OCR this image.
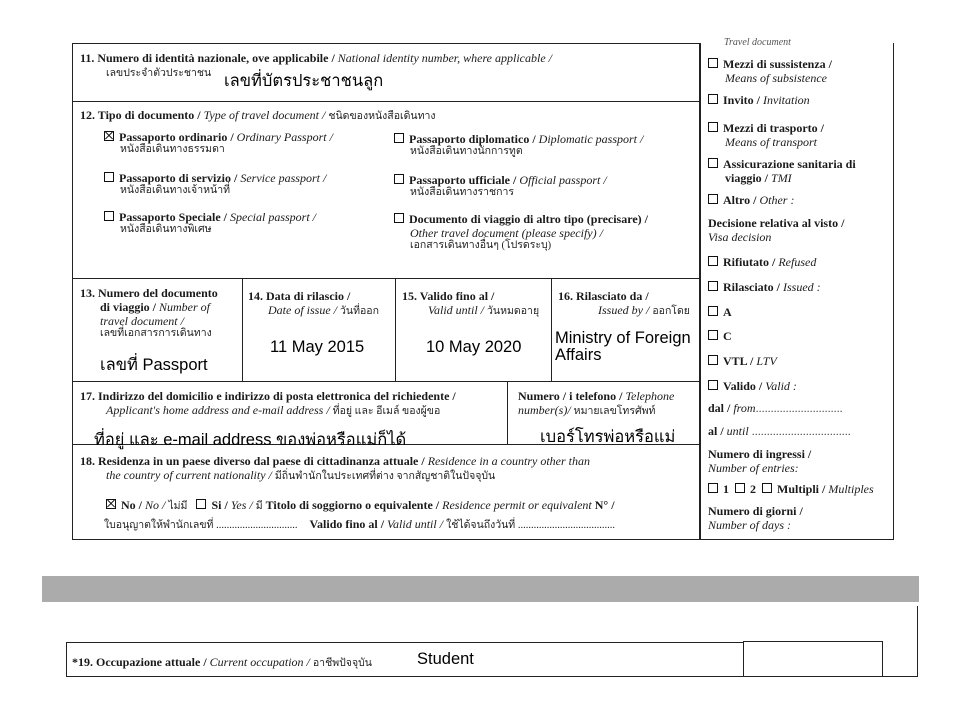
11. Numero di identità nazionale, ove applicabile / National identity number, where applicable /
เลขประจำตัวประชาชน เลขที่บัตรประชาชนลูก
12. Tipo di documento / Type of travel document / ชนิดของหนังสือเดินทาง
Passaporto ordinario / Ordinary Passport /
หนังสือเดินทางธรรมดา
Passaporto diplomatico / Diplomatic passport /
หนังสือเดินทางนักการทูต
Passaporto di servizio / Service passport /
หนังสือเดินทางเจ้าหน้าที่
Passaporto ufficiale / Official passport /
หนังสือเดินทางราชการ
Passaporto Speciale / Special passport /
หนังสือเดินทางพิเศษ
Documento di viaggio di altro tipo (precisare) /
Other travel document (please specify) /
เอกสารเดินทางอื่นๆ (โปรดระบุ)
13. Numero del documento
di viaggio / Number of
travel document /
เลขที่เอกสารการเดินทาง
เลขที่ Passport
14. Data di rilascio /
Date of issue / วันที่ออก
11 May 2015
15. Valido fino al /
Valid until / วันหมดอายุ
10 May 2020
16. Rilasciato da /
Issued by / ออกโดย
Ministry of Foreign
Affairs
17. Indirizzo del domicilio e indirizzo di posta elettronica del richiedente /
Applicant's home address and e-mail address / ที่อยู่ และ อีเมล์ ของผู้ขอ
ที่อยู่ และ e-mail address ของพ่อหรือแม่ก็ได้
Numero / i telefono / Telephone
number(s)/ หมายเลขโทรศัพท์
เบอร์โทรพ่อหรือแม่
18. Residenza in un paese diverso dal paese di cittadinanza attuale / Residence in a country other than
the country of current nationality / มีถิ่นพำนักในประเทศที่ต่าง จากสัญชาติในปัจจุบัน
No / No / ไม่มี Si / Yes / มี Titolo di soggiorno o equivalente / Residence permit or equivalent N° /
ใบอนุญาตให้พำนักเลขที่ ............................... Valido fino al / Valid until / ใช้ได้จนถึงวันที่ .....................................
Travel document
Mezzi di sussistenza /
Means of subsistence
Invito / Invitation
Mezzi di trasporto /
Means of transport
Assicurazione sanitaria di
viaggio / TMI
Altro / Other :
Decisione relativa al visto /
Visa decision
Rifiutato / Refused
Rilasciato / Issued :
A
C
VTL / LTV
Valido / Valid :
dal / from.............................
al / until .................................
Numero di ingressi /
Number of entries:
1 2 Multipli / Multiples
Numero di giorni /
Number of days :
*19. Occupazione attuale / Current occupation / อาชีพปัจจุบัน	Student
